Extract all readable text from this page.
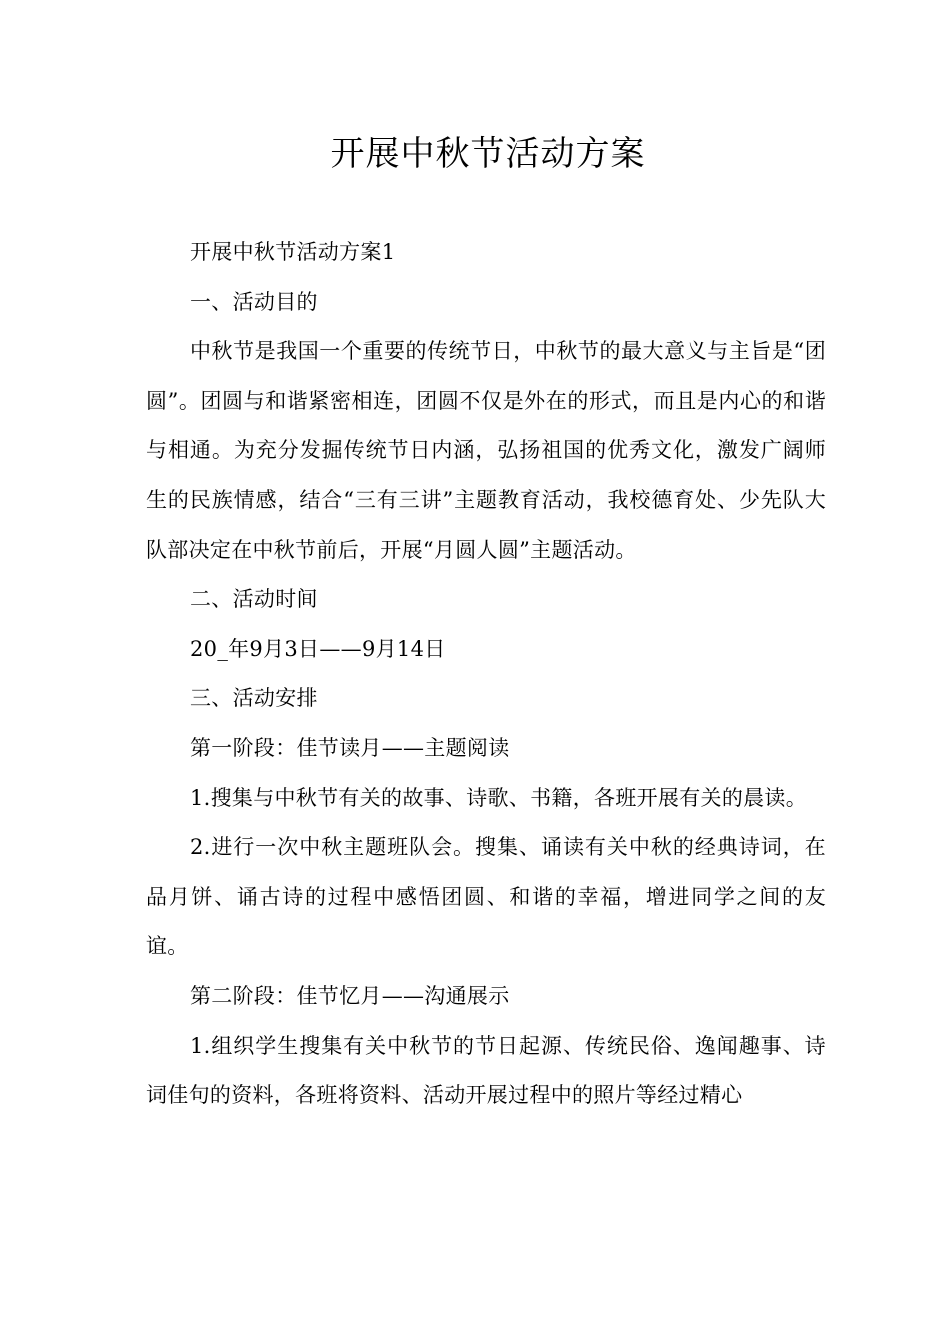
开展中秋节活动方案

开展中秋节活动方案1

一、活动目的

中秋节是我国一个重要的传统节日，中秋节的最大意义与主旨是“团圆”。团圆与和谐紧密相连，团圆不仅是外在的形式，而且是内心的和谐与相通。为充分发掘传统节日内涵，弘扬祖国的优秀文化，激发广阔师生的民族情感，结合“三有三讲”主题教育活动，我校德育处、少先队大队部决定在中秋节前后，开展“月圆人圆”主题活动。

二、活动时间

20_年9月3日——9月14日

三、活动安排

第一阶段：佳节读月——主题阅读

1.搜集与中秋节有关的故事、诗歌、书籍，各班开展有关的晨读。

2.进行一次中秋主题班队会。搜集、诵读有关中秋的经典诗词，在品月饼、诵古诗的过程中感悟团圆、和谐的幸福，增进同学之间的友谊。

第二阶段：佳节忆月——沟通展示

1.组织学生搜集有关中秋节的节日起源、传统民俗、逸闻趣事、诗词佳句的资料，各班将资料、活动开展过程中的照片等经过精心
